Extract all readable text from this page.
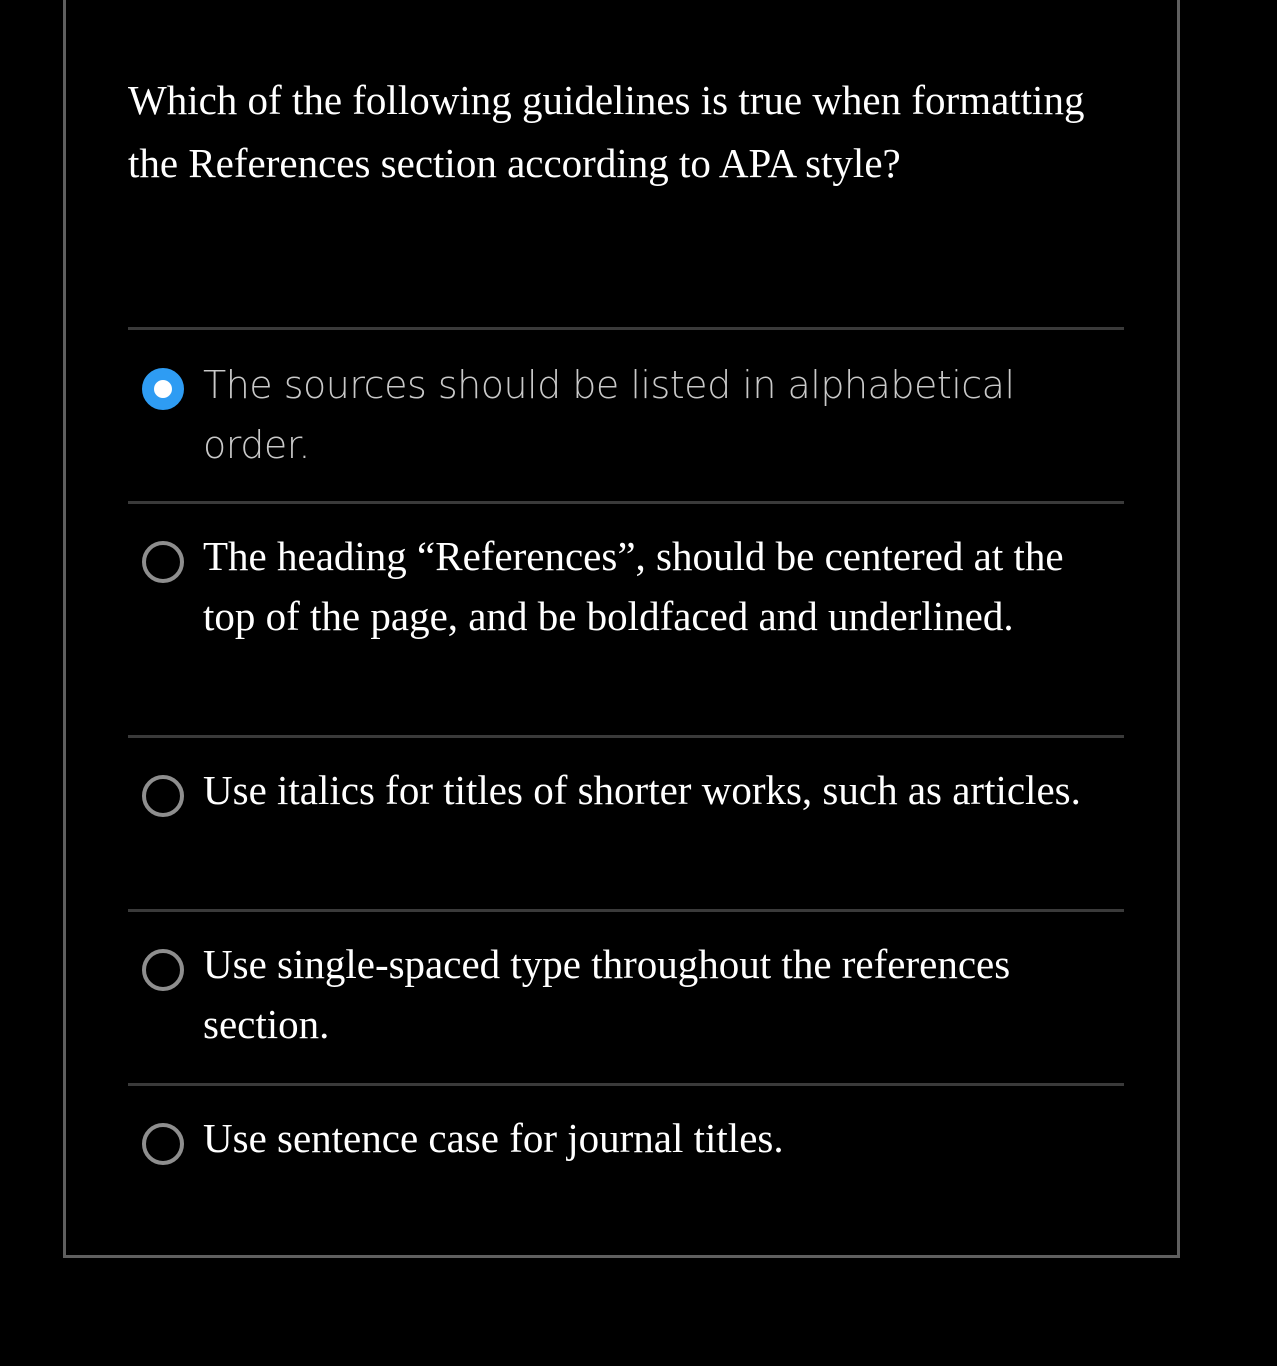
Which of the following guidelines is true when formatting the References section according to APA style?

The sources should be listed in alphabetical order.
The heading “References”, should be centered at the top of the page, and be boldfaced and underlined.
Use italics for titles of shorter works, such as articles.
Use single-spaced type throughout the references section.
Use sentence case for journal titles.
